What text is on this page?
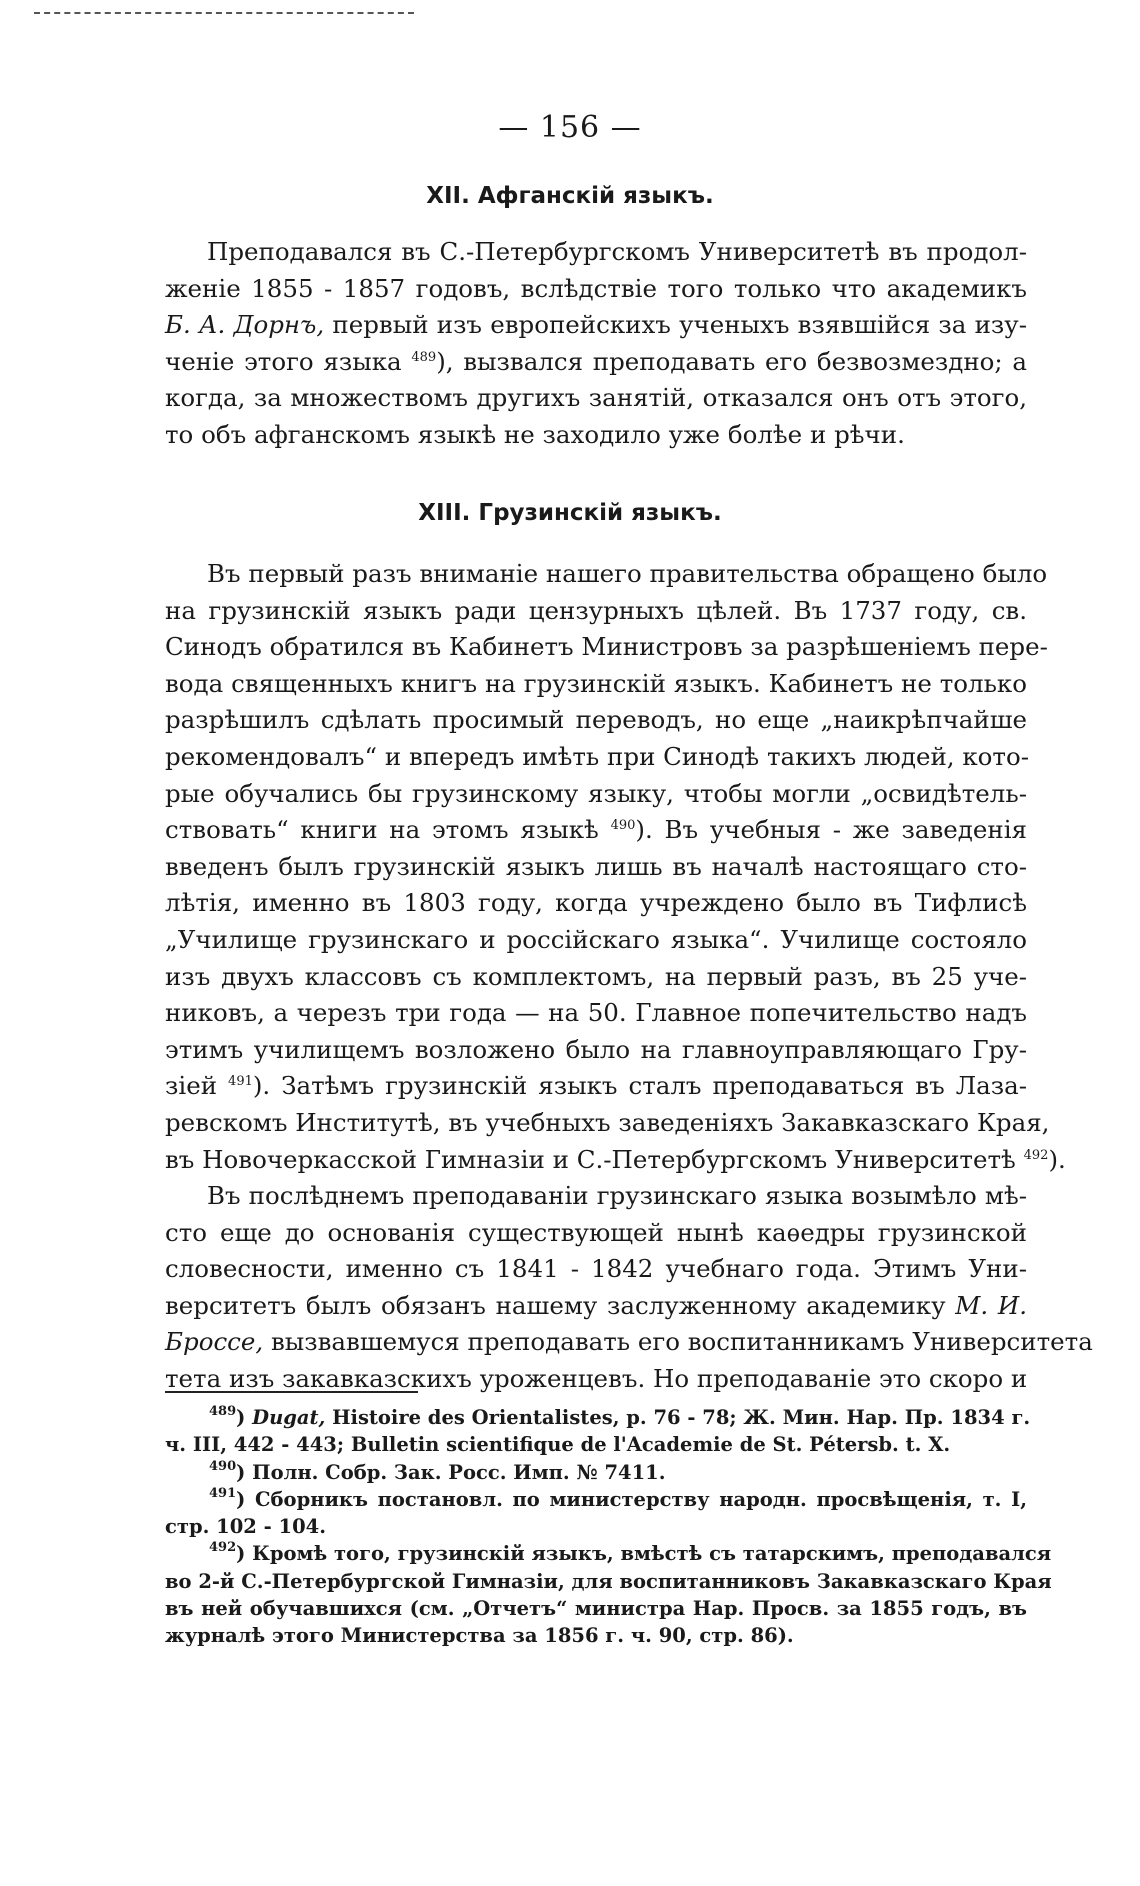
— 156 —
XII. Афганскій языкъ.
Преподавался въ С.-Петербургскомъ Университетѣ въ продол-
женіе 1855 - 1857 годовъ, вслѣдствіе того только что академикъ
Б. А. Дорнъ, первый изъ европейскихъ ученыхъ взявшійся за изу-
ченіе этого языка $^{489}$), вызвался преподавать его безвозмездно; а
когда, за множествомъ другихъ занятій, отказался онъ отъ этого,
то объ афганскомъ языкѣ не заходило уже болѣе и рѣчи.
XIII. Грузинскій языкъ.
Въ первый разъ вниманіе нашего правительства обращено было
на грузинскій языкъ ради цензурныхъ цѣлей. Въ 1737 году, св.
Синодъ обратился въ Кабинетъ Министровъ за разрѣшеніемъ пере-
вода священныхъ книгъ на грузинскій языкъ. Кабинетъ не только
разрѣшилъ сдѣлать просимый переводъ, но еще „наикрѣпчайше
рекомендовалъ“ и впередъ имѣть при Синодѣ такихъ людей, кото-
рые обучались бы грузинскому языку, чтобы могли „освидѣтель-
ствовать“ книги на этомъ языкѣ $^{490}$). Въ учебныя - же заведенія
введенъ былъ грузинскій языкъ лишь въ началѣ настоящаго сто-
лѣтія, именно въ 1803 году, когда учреждено было въ Тифлисѣ
„Училище грузинскаго и россійскаго языка“. Училище состояло
изъ двухъ классовъ съ комплектомъ, на первый разъ, въ 25 уче-
никовъ, а черезъ три года — на 50. Главное попечительство надъ
этимъ училищемъ возложено было на главноуправляющаго Гру-
зіей $^{491}$). Затѣмъ грузинскій языкъ сталъ преподаваться въ Лаза-
ревскомъ Институтѣ, въ учебныхъ заведеніяхъ Закавказскаго Края,
въ Новочеркасской Гимназіи и С.-Петербургскомъ Университетѣ $^{492}$).
Въ послѣднемъ преподаваніи грузинскаго языка возымѣло мѣ-
сто еще до основанія существующей нынѣ каѳедры грузинской
словесности, именно съ 1841 - 1842 учебнаго года. Этимъ Уни-
верситетъ былъ обязанъ нашему заслуженному академику М. И.
Броссе, вызвавшемуся преподавать его воспитанникамъ Университета
тета изъ закавказскихъ уроженцевъ. Но преподаваніе это скоро и
$^{489}$) Dugat, Histoire des Orientalistes, p. 76 - 78; Ж. Мин. Нар. Пр. 1834 г.
ч. III, 442 - 443; Bulletin scientifique de l'Academie de St. Pétersb. t. X.
$^{490}$) Полн. Собр. Зак. Росс. Имп. № 7411.
$^{491}$) Сборникъ постановл. по министерству народн. просвѣщенія, т. I,
стр. 102 - 104.
$^{492}$) Кромѣ того, грузинскій языкъ, вмѣстѣ съ татарскимъ, преподавался
во 2-й С.-Петербургской Гимназіи, для воспитанниковъ Закавказскаго Края
въ ней обучавшихся (см. „Отчетъ“ министра Нар. Просв. за 1855 годъ, въ
журналѣ этого Министерства за 1856 г. ч. 90, стр. 86).
